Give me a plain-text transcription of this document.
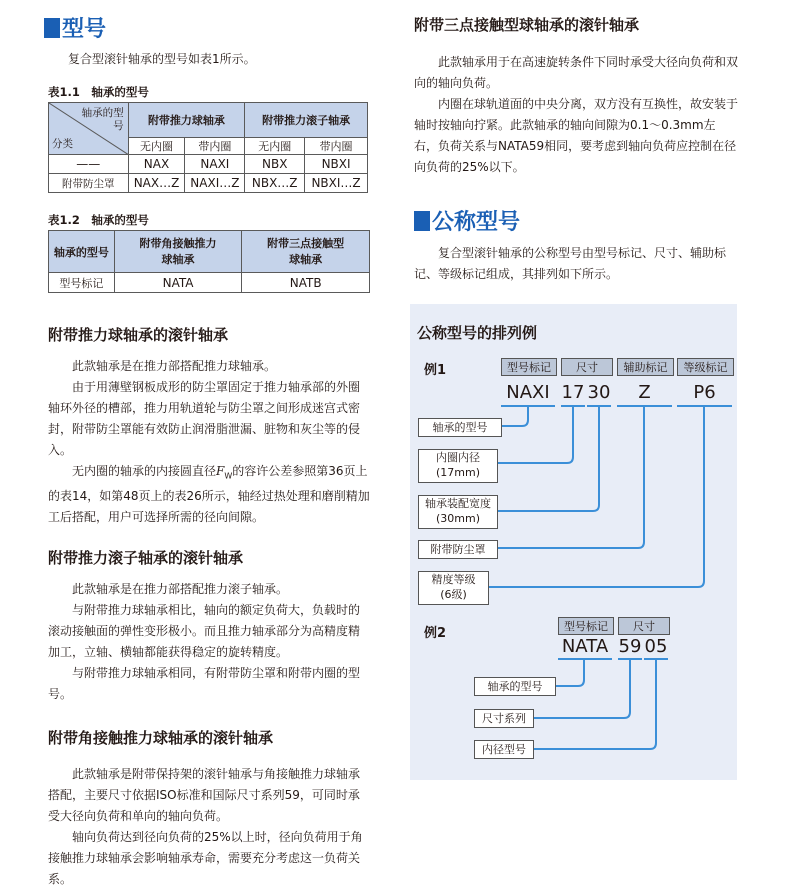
型号
复合型滚针轴承的型号如表1所示。
表1.1　轴承的型号
轴承的型号
分类	附带推力球轴承		附带推力滚子轴承	
	无内圈	带内圈	无内圈	带内圈
——	NAX	NAXI	NBX	NBXI
附带防尘罩	NAX…Z	NAXI…Z	NBX…Z	NBXI…Z
表1.2　轴承的型号
轴承的型号	附带角接触推力球轴承	附带三点接触型球轴承
型号标记	NATA	NATB
附带推力球轴承的滚针轴承
此款轴承是在推力部搭配推力球轴承。
由于用薄壁钢板成形的防尘罩固定于推力轴承部的外圈轴环外径的槽部，推力用轨道轮与防尘罩之间形成迷宫式密封，附带防尘罩能有效防止润滑脂泄漏、脏物和灰尘等的侵入。
无内圈的轴承的内接圆直径$F_W$的容许公差参照第36页上的表14，如第48页上的表26所示，轴经过热处理和磨削精加工后搭配，用户可选择所需的径向间隙。
附带推力滚子轴承的滚针轴承
此款轴承是在推力部搭配推力滚子轴承。
与附带推力球轴承相比，轴向的额定负荷大，负载时的滚动接触面的弹性变形极小。而且推力轴承部分为高精度精加工，立轴、横轴都能获得稳定的旋转精度。
与附带推力球轴承相同，有附带防尘罩和附带内圈的型号。
附带角接触推力球轴承的滚针轴承
此款轴承是附带保持架的滚针轴承与角接触推力球轴承搭配，主要尺寸依据ISO标准和国际尺寸系列59，可同时承受大径向负荷和单向的轴向负荷。
轴向负荷达到径向负荷的25%以上时，径向负荷用于角接触推力球轴承会影响轴承寿命，需要充分考虑这一负荷关系。
附带三点接触型球轴承的滚针轴承
此款轴承用于在高速旋转条件下同时承受大径向负荷和双向的轴向负荷。
内圈在球轨道面的中央分离，双方没有互换性，故安装于轴时按轴向拧紧。此款轴承的轴向间隙为0.1～0.3mm左右，负荷关系与NATA59相同，要考虑到轴向负荷应控制在径向负荷的25%以下。
公称型号
复合型滚针轴承的公称型号由型号标记、尺寸、辅助标记、等级标记组成，其排列如下所示。
公称型号的排列例
例1	型号标记	尺寸	辅助标记	等级标记
NAXI 17 30	Z	P6
轴承的型号
内圈内径
(17mm)
轴承装配宽度
(30mm)
附带防尘罩
精度等级
(6级)
例2	型号标记	尺寸
NATA 59 05
轴承的型号
尺寸系列
内径型号
